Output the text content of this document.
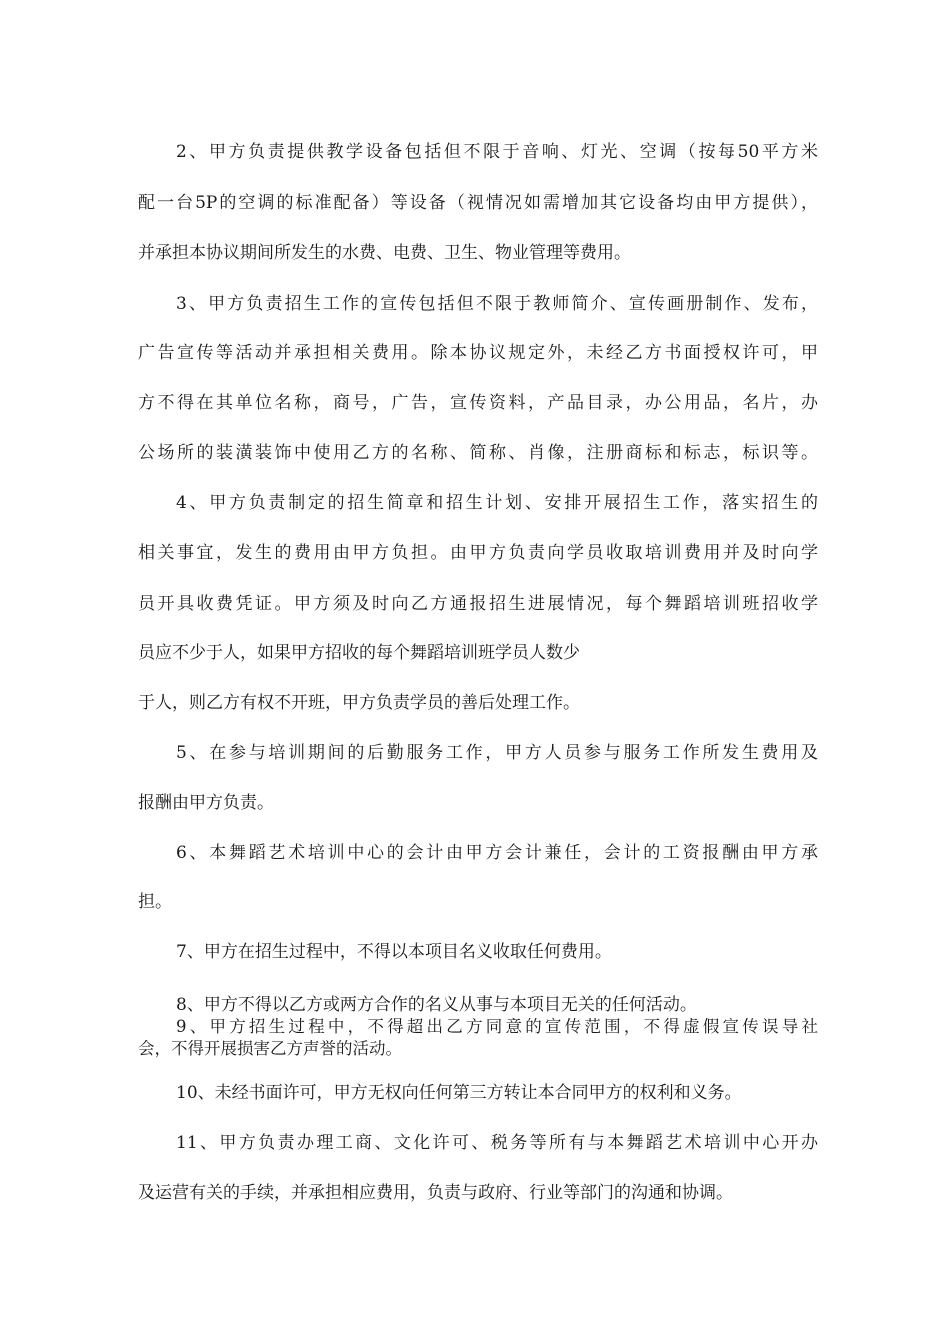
2、甲方负责提供教学设备包括但不限于音响、灯光、空调（按每50平方米
配一台5P的空调的标准配备）等设备（视情况如需增加其它设备均由甲方提供），
并承担本协议期间所发生的水费、电费、卫生、物业管理等费用。
3、甲方负责招生工作的宣传包括但不限于教师简介、宣传画册制作、发布，
广告宣传等活动并承担相关费用。除本协议规定外，未经乙方书面授权许可，甲
方不得在其单位名称，商号，广告，宣传资料，产品目录，办公用品，名片，办
公场所的装潢装饰中使用乙方的名称、简称、肖像，注册商标和标志，标识等。
4、甲方负责制定的招生简章和招生计划、安排开展招生工作，落实招生的
相关事宜，发生的费用由甲方负担。由甲方负责向学员收取培训费用并及时向学
员开具收费凭证。甲方须及时向乙方通报招生进展情况，每个舞蹈培训班招收学
员应不少于人，如果甲方招收的每个舞蹈培训班学员人数少
于人，则乙方有权不开班，甲方负责学员的善后处理工作。
5、在参与培训期间的后勤服务工作，甲方人员参与服务工作所发生费用及
报酬由甲方负责。
6、本舞蹈艺术培训中心的会计由甲方会计兼任，会计的工资报酬由甲方承
担。
7、甲方在招生过程中，不得以本项目名义收取任何费用。
8、甲方不得以乙方或两方合作的名义从事与本项目无关的任何活动。
9、甲方招生过程中，不得超出乙方同意的宣传范围，不得虚假宣传误导社
会，不得开展损害乙方声誉的活动。
10、未经书面许可，甲方无权向任何第三方转让本合同甲方的权利和义务。
11、甲方负责办理工商、文化许可、税务等所有与本舞蹈艺术培训中心开办
及运营有关的手续，并承担相应费用，负责与政府、行业等部门的沟通和协调。
